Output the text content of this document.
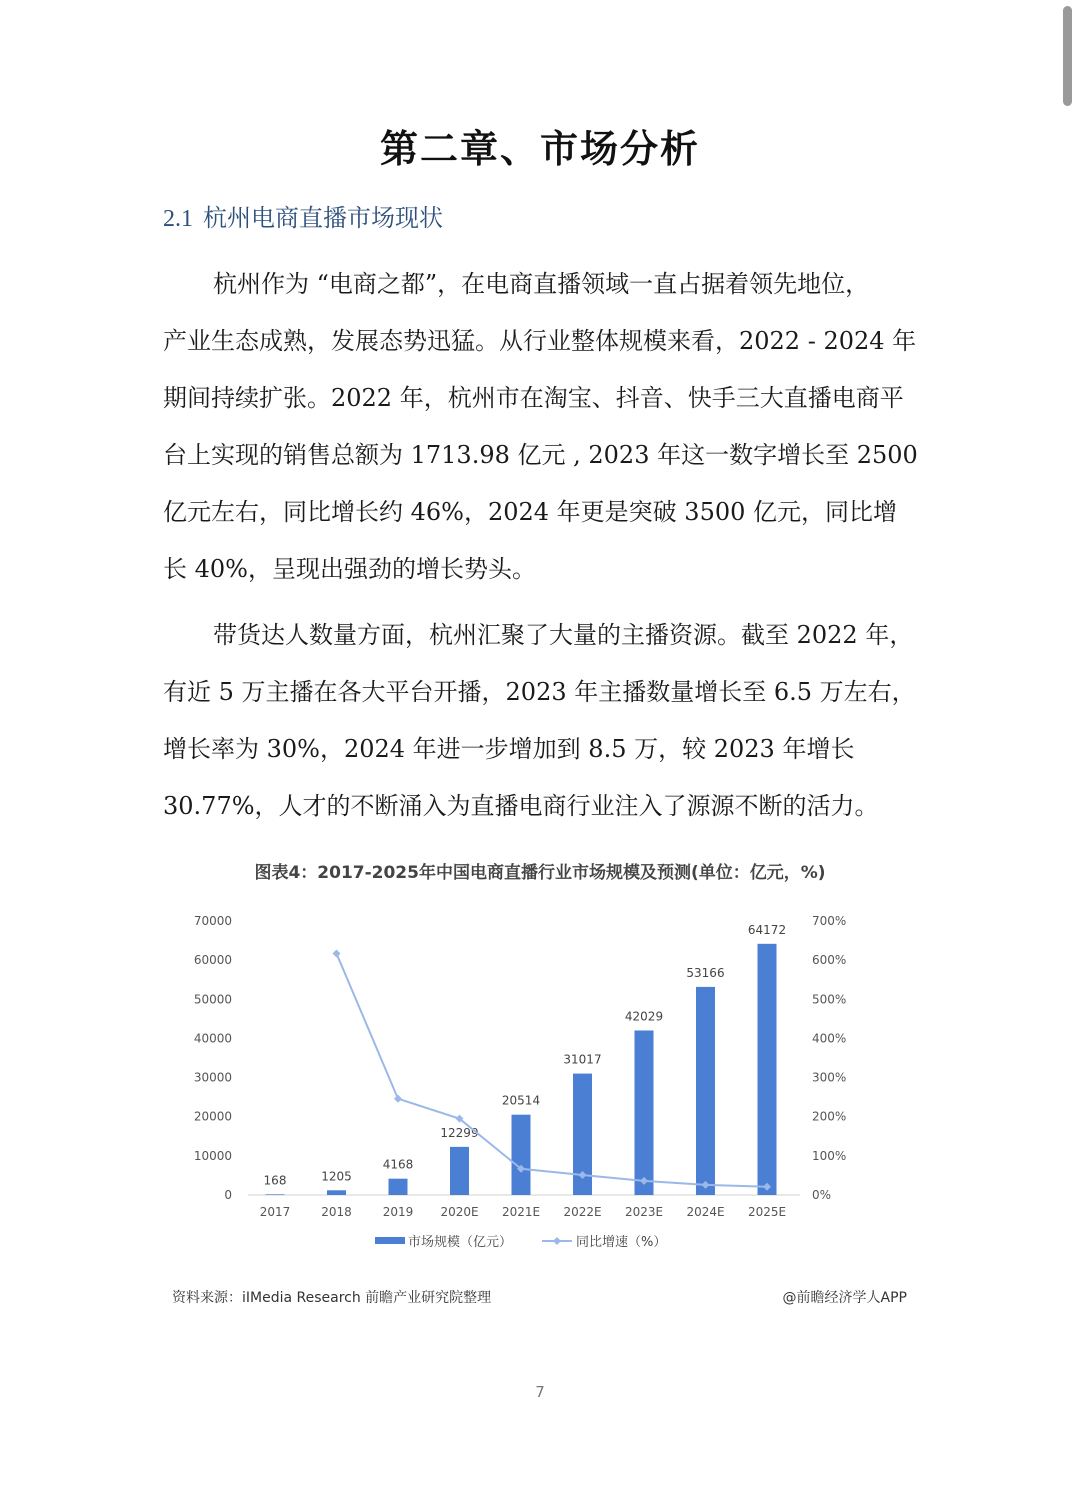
第二章、市场分析
2.1 杭州电商直播市场现状
杭州作为 “电商之都”，在电商直播领域一直占据着领先地位，
产业生态成熟，发展态势迅猛。从行业整体规模来看，2022 - 2024 年
期间持续扩张。2022 年，杭州市在淘宝、抖音、快手三大直播电商平
台上实现的销售总额为 1713.98 亿元 , 2023 年这一数字增长至 2500
亿元左右，同比增长约 46%，2024 年更是突破 3500 亿元，同比增
长 40%，呈现出强劲的增长势头。
带货达人数量方面，杭州汇聚了大量的主播资源。截至 2022 年，
有近 5 万主播在各大平台开播，2023 年主播数量增长至 6.5 万左右，
增长率为 30%，2024 年进一步增加到 8.5 万，较 2023 年增长
30.77%，人才的不断涌入为直播电商行业注入了源源不断的活力。
图表4：2017-2025年中国电商直播行业市场规模及预测(单位：亿元，%)
0
10000
20000
30000
40000
50000
60000
70000
0%
100%
200%
300%
400%
500%
600%
700%
2017	2018	2019 2020E 2021E 2022E 2023E 2024E 2025E
168	1205
4168
12299
20514
31017
42029
53166
64172
市场规模（亿元）	同比增速（%）
资料来源：iIMedia Research 前瞻产业研究院整理	@前瞻经济学人APP
7
